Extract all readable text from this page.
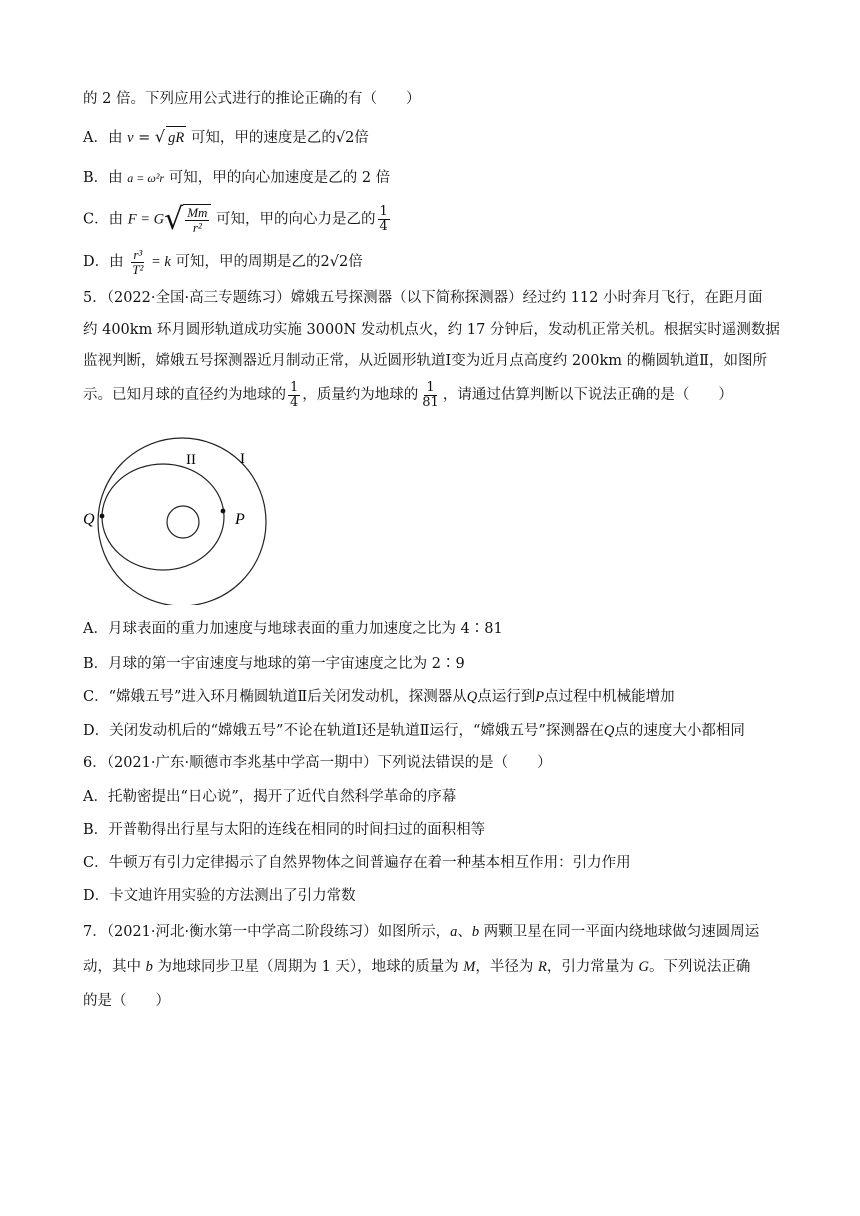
的 2 倍。下列应用公式进行的推论正确的有（　　）
A．由 v = √ gR 可知，甲的速度是乙的√2倍
B．由 a = ω²r 可知，甲的向心加速度是乙的 2 倍
C．由 F = G √ $\frac{Mm}{\text{r²}}$ 可知，甲的向心力是乙的 $\frac{1}{4}$
D．由 $\frac{\text{r³}}{\text{T²}} = k$ 可知，甲的周期是乙的2√2倍
5．（2022·全国·高三专题练习）嫦娥五号探测器（以下简称探测器）经过约 112 小时奔月飞行，在距月面
约 400km 环月圆形轨道成功实施 3000N 发动机点火，约 17 分钟后，发动机正常关机。根据实时遥测数据
监视判断，嫦娥五号探测器近月制动正常，从近圆形轨道Ⅰ变为近月点高度约 200km 的椭圆轨道Ⅱ，如图所
示。已知月球的直径约为地球的 $\frac{1}{4}$ ，质量约为地球的 $\frac{1}{81}$ ，请通过估算判断以下说法正确的是（　　）
I
II
Q	P
A．月球表面的重力加速度与地球表面的重力加速度之比为 4∶81
B．月球的第一宇宙速度与地球的第一宇宙速度之比为 2∶9
C．“嫦娥五号”进入环月椭圆轨道Ⅱ后关闭发动机，探测器从Q点运行到P点过程中机械能增加
D．关闭发动机后的“嫦娥五号”不论在轨道Ⅰ还是轨道Ⅱ运行，“嫦娥五号”探测器在Q点的速度大小都相同
6．（2021·广东·顺德市李兆基中学高一期中）下列说法错误的是（　　）
A．托勒密提出“日心说”，揭开了近代自然科学革命的序幕
B．开普勒得出行星与太阳的连线在相同的时间扫过的面积相等
C．牛顿万有引力定律揭示了自然界物体之间普遍存在着一种基本相互作用：引力作用
D．卡文迪许用实验的方法测出了引力常数
7．（2021·河北·衡水第一中学高二阶段练习）如图所示，a、b 两颗卫星在同一平面内绕地球做匀速圆周运
动，其中 b 为地球同步卫星（周期为 1 天），地球的质量为 M，半径为 R，引力常量为 G。下列说法正确
的是（　　）
